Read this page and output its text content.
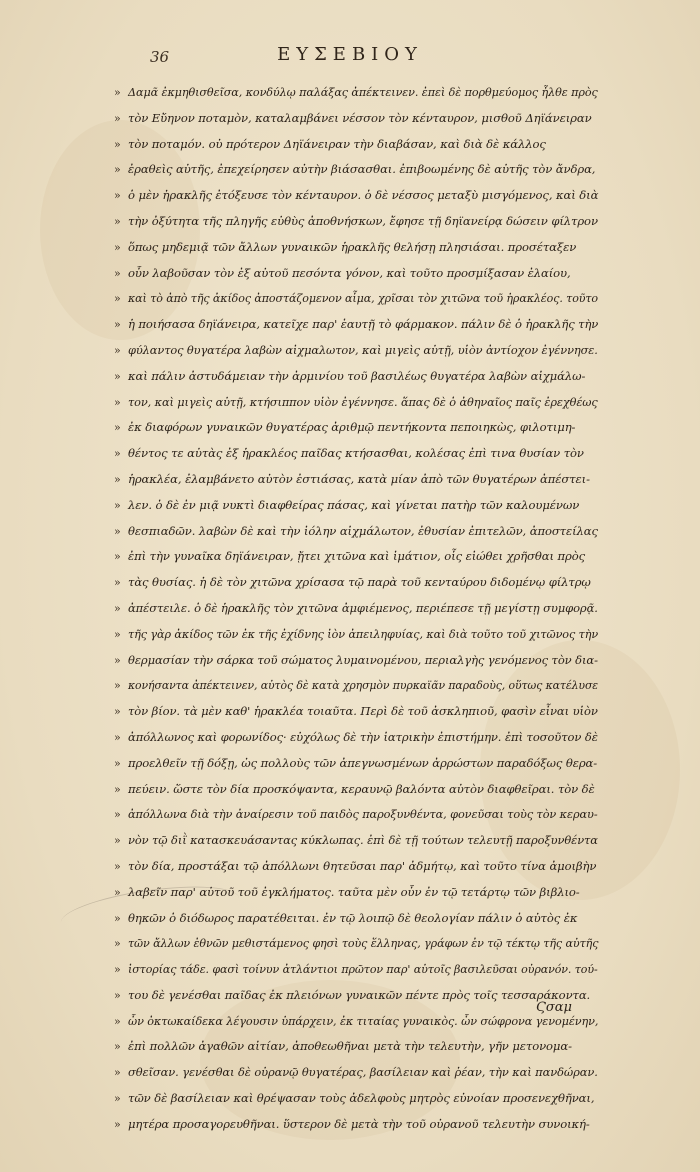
36	ΕΥΣΕΒΙΟΥ
» Δαμᾶ ἐκμηθισθεῖσα, κονδύλῳ παλάξας ἀπέκτεινεν. ἐπεὶ δὲ πορθμεύομος ἦλθε πρὸς
» τὸν Εὔηνον ποταμὸν, καταλαμβάνει νέσσον τὸν κένταυρον, μισθοῦ Δηϊάνειραν
» τὸν ποταμόν. οὐ πρότερον Δηϊάνειραν τὴν διαβάσαν, καὶ διὰ δὲ κάλλος
» ἐραθεὶς αὐτῆς, ἐπεχείρησεν αὐτὴν βιάσασθαι. ἐπιβοωμένης δὲ αὐτῆς τὸν ἄνδρα,
» ὁ μὲν ἡρακλῆς ἐτόξευσε τὸν κένταυρον. ὁ δὲ νέσσος μεταξὺ μισγόμενος, καὶ διὰ
» τὴν ὀξύτητα τῆς πληγῆς εὐθὺς ἀποθνήσκων, ἔφησε τῇ δηϊανείρᾳ δώσειν φίλτρον
» ὅπως μηδεμιᾷ τῶν ἄλλων γυναικῶν ἡρακλῆς θελήσῃ πλησιάσαι. προσέταξεν
» οὖν λαβοῦσαν τὸν ἐξ αὐτοῦ πεσόντα γόνον, καὶ τοῦτο προσμίξασαν ἐλαίου,
» καὶ τὸ ἀπὸ τῆς ἀκίδος ἀποστάζομενον αἷμα, χρῖσαι τὸν χιτῶνα τοῦ ἡρακλέος. τοῦτο
» ἡ ποιήσασα δηϊάνειρα, κατεῖχε παρ' ἑαυτῇ τὸ φάρμακον. πάλιν δὲ ὁ ἡρακλῆς τὴν
» φύλαντος θυγατέρα λαβὼν αἰχμαλωτον, καὶ μιγεὶς αὐτῇ, υἱὸν ἀντίοχον ἐγέννησε.
» καὶ πάλιν ἀστυδάμειαν τὴν ἀρμινίου τοῦ βασιλέως θυγατέρα λαβὼν αἰχμάλω-
» τον, καὶ μιγεὶς αὐτῇ, κτήσιππον υἱὸν ἐγέννησε. ἅπας δὲ ὁ ἀθηναῖος παῖς ἐρεχθέως
» ἐκ διαφόρων γυναικῶν θυγατέρας ἀριθμῷ πεντήκοντα πεποιηκὼς, φιλοτιμη-
» θέντος τε αὐτὰς ἐξ ἡρακλέος παῖδας κτήσασθαι, κολέσας ἐπὶ τινα θυσίαν τὸν
» ἡρακλέα, ἐλαμβάνετο αὐτὸν ἐστιάσας, κατὰ μίαν ἀπὸ τῶν θυγατέρων ἀπέστει-
» λεν. ὁ δὲ ἐν μιᾷ νυκτὶ διαφθείρας πάσας, καὶ γίνεται πατὴρ τῶν καλουμένων
» θεσπιαδῶν. λαβὼν δὲ καὶ τὴν ἰόλην αἰχμάλωτον, ἐθυσίαν ἐπιτελῶν, ἀποστείλας
» ἐπὶ τὴν γυναῖκα δηϊάνειραν, ᾔτει χιτῶνα καὶ ἱμάτιον, οἷς εἰώθει χρῆσθαι πρὸς
» τὰς θυσίας. ἡ δὲ τὸν χιτῶνα χρίσασα τῷ παρὰ τοῦ κενταύρου διδομένῳ φίλτρῳ
» ἀπέστειλε. ὁ δὲ ἡρακλῆς τὸν χιτῶνα ἀμφιέμενος, περιέπεσε τῇ μεγίστῃ συμφορᾷ.
» τῆς γὰρ ἀκίδος τῶν ἐκ τῆς ἐχίδνης ἰὸν ἀπειληφυίας, καὶ διὰ τοῦτο τοῦ χιτῶνος τὴν
» θερμασίαν τὴν σάρκα τοῦ σώματος λυμαινομένου, περιαλγὴς γενόμενος τὸν δια-
» κονήσαντα ἀπέκτεινεν, αὐτὸς δὲ κατὰ χρησμὸν πυρκαϊᾶν παραδοὺς, οὕτως κατέλυσε
» τὸν βίον. τὰ μὲν καθ' ἡρακλέα τοιαῦτα. Περὶ δὲ τοῦ ἀσκληπιοῦ, φασὶν εἶναι υἱὸν
» ἀπόλλωνος καὶ φορωνίδος· εὐχόλως δὲ τὴν ἰατρικὴν ἐπιστήμην. ἐπὶ τοσοῦτον δὲ
» προελθεῖν τῇ δόξῃ, ὡς πολλοὺς τῶν ἀπεγνωσμένων ἀρρώστων παραδόξως θερα-
» πεύειν. ὥστε τὸν δία προσκόψαντα, κεραυνῷ βαλόντα αὐτὸν διαφθεῖραι. τὸν δὲ
» ἀπόλλωνα διὰ τὴν ἀναίρεσιν τοῦ παιδὸς παροξυνθέντα, φονεῦσαι τοὺς τὸν κεραυ-
» νὸν τῷ διῒ κατασκευάσαντας κύκλωπας. ἐπὶ δὲ τῇ τούτων τελευτῇ παροξυνθέντα
» τὸν δία, προστάξαι τῷ ἀπόλλωνι θητεῦσαι παρ' ἀδμήτῳ, καὶ τοῦτο τίνα ἀμοιβὴν
» λαβεῖν παρ' αὐτοῦ τοῦ ἐγκλήματος. ταῦτα μὲν οὖν ἐν τῷ τετάρτῳ τῶν βιβλιο-
» θηκῶν ὁ διόδωρος παρατέθειται. ἐν τῷ λοιπῷ δὲ θεολογίαν πάλιν ὁ αὐτὸς ἐκ
» τῶν ἄλλων ἐθνῶν μεθιστάμενος φησὶ τοὺς ἕλληνας, γράφων ἐν τῷ τέκτῳ τῆς αὐτῆς
» ἱστορίας τάδε. φασὶ τοίνυν ἀτλάντιοι πρῶτον παρ' αὐτοῖς βασιλεῦσαι οὐρανόν. τού-
» του δὲ γενέσθαι παῖδας ἐκ πλειόνων γυναικῶν πέντε πρὸς τοῖς τεσσαράκοντα.
» ὧν ὀκτωκαίδεκα λέγουσιν ὑπάρχειν, ἐκ τιταίας γυναικὸς. ὧν σώφρονα γενομένην,
» ἐπὶ πολλῶν ἀγαθῶν αἰτίαν, ἀποθεωθῆναι μετὰ τὴν τελευτὴν, γῆν μετονομα-
» σθεῖσαν. γενέσθαι δὲ οὐρανῷ θυγατέρας, βασίλειαν καὶ ῥέαν, τὴν καὶ πανδώραν.
» τῶν δὲ βασίλειαν καὶ θρέψασαν τοὺς ἀδελφοὺς μητρὸς εὐνοίαν προσενεχθῆναι,
» μητέρα προσαγορευθῆναι. ὕστερον δὲ μετὰ τὴν τοῦ οὐρανοῦ τελευτὴν συνοική-
Ϛσαμ
